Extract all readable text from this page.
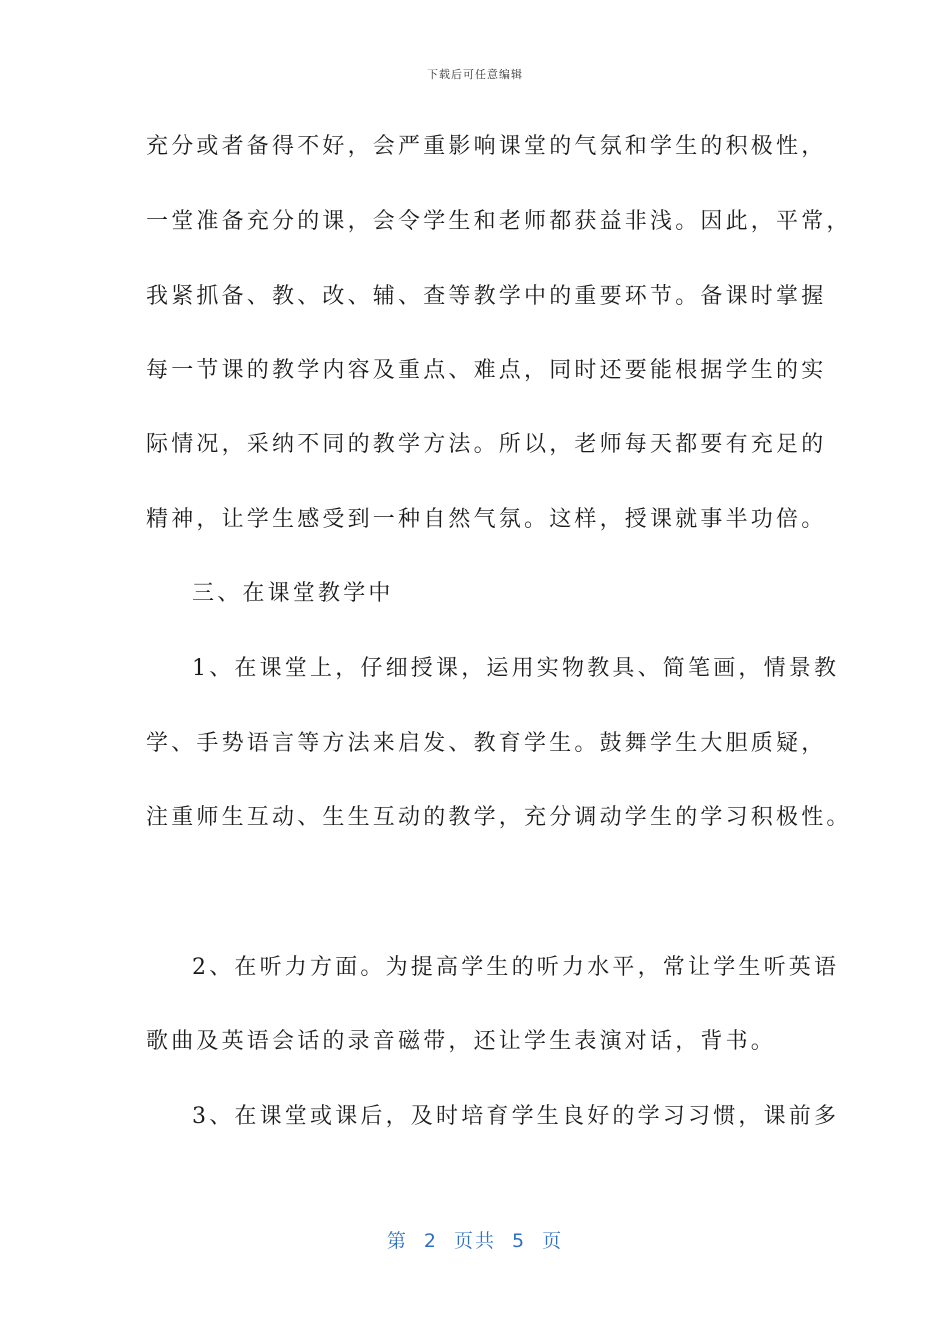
下载后可任意编辑
充分或者备得不好，会严重影响课堂的气氛和学生的积极性，
一堂准备充分的课，会令学生和老师都获益非浅。因此，平常，
我紧抓备、教、改、辅、查等教学中的重要环节。备课时掌握
每一节课的教学内容及重点、难点，同时还要能根据学生的实
际情况，采纳不同的教学方法。所以，老师每天都要有充足的
精神，让学生感受到一种自然气氛。这样，授课就事半功倍。
三、在课堂教学中
1、在课堂上，仔细授课，运用实物教具、简笔画，情景教
学、手势语言等方法来启发、教育学生。鼓舞学生大胆质疑，
注重师生互动、生生互动的教学，充分调动学生的学习积极性。
2、在听力方面。为提高学生的听力水平，常让学生听英语
歌曲及英语会话的录音磁带，还让学生表演对话，背书。
3、在课堂或课后，及时培育学生良好的学习习惯，课前多
第 2 页共 5 页
